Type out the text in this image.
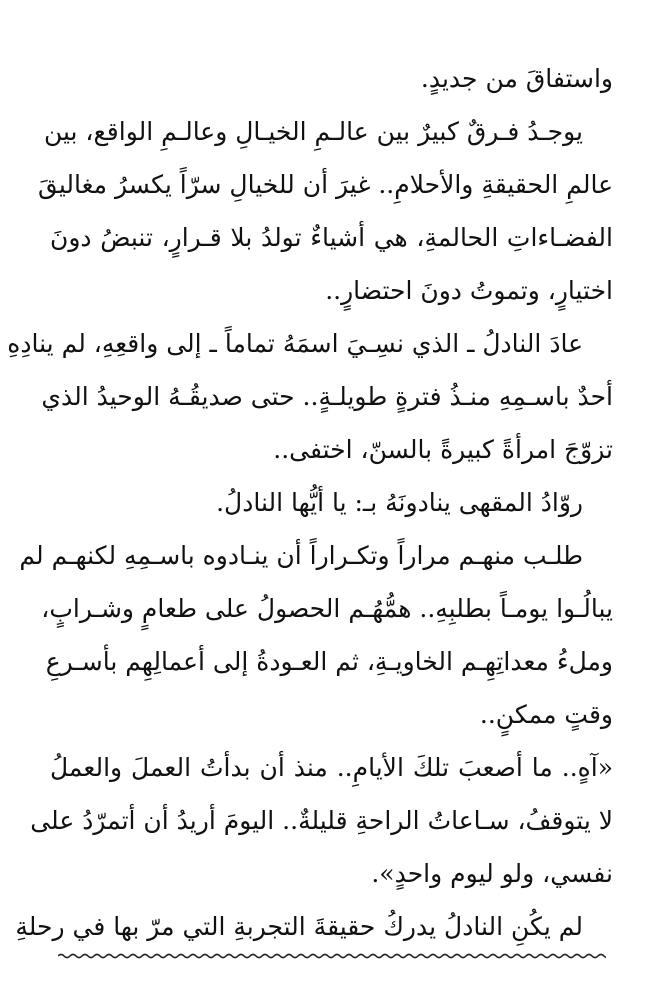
واستفاقَ من جديدٍ.
يوجـدُ فـرقٌ كبيرٌ بين عالـمِ الخيـالِ وعالـمِ الواقع، بين
عالمِ الحقيقةِ والأحلامِ.. غيرَ أن للخيالِ سرّاً يكسرُ مغاليقَ
الفضـاءاتِ الحالمةِ، هي أشياءٌ تولدُ بلا قـرارٍ، تنبضُ دونَ
اختيارٍ، وتموتُ دونَ احتضارٍ..
عادَ النادلُ ـ الذي نسِـيَ اسمَهُ تماماً ـ إلى واقعِهِ، لم ينادِهِ
أحدٌ باسـمِهِ منـذُ فترةٍ طويلـةٍ.. حتى صديقُـهُ الوحيدُ الذي
تزوّجَ امرأةً كبيرةً بالسنّ، اختفى..
روّادُ المقهى ينادونَهُ بـ: يا أيُّها النادلُ.
طلـب منهـم مراراً وتكـراراً أن ينـادوه باسـمِهِ لكنهـم لم
يبالُـوا يومـاً بطلبِهِ.. همُّهُـم الحصولُ على طعامٍ وشـرابٍ،
وملءُ معداتِهِـم الخاويـةِ، ثم العـودةُ إلى أعمالِهِم بأسـرعِ
وقتٍ ممكنٍ..
«آهٍ.. ما أصعبَ تلكَ الأيامِ.. منذ أن بدأتُ العملَ والعملُ
لا يتوقفُ، سـاعاتُ الراحةِ قليلةٌ.. اليومَ أريدُ أن أتمرّدُ على
نفسي، ولو ليوم واحدٍ».
لم يكُنِ النادلُ يدركُ حقيقةَ التجربةِ التي مرّ بها في رحلةِ
